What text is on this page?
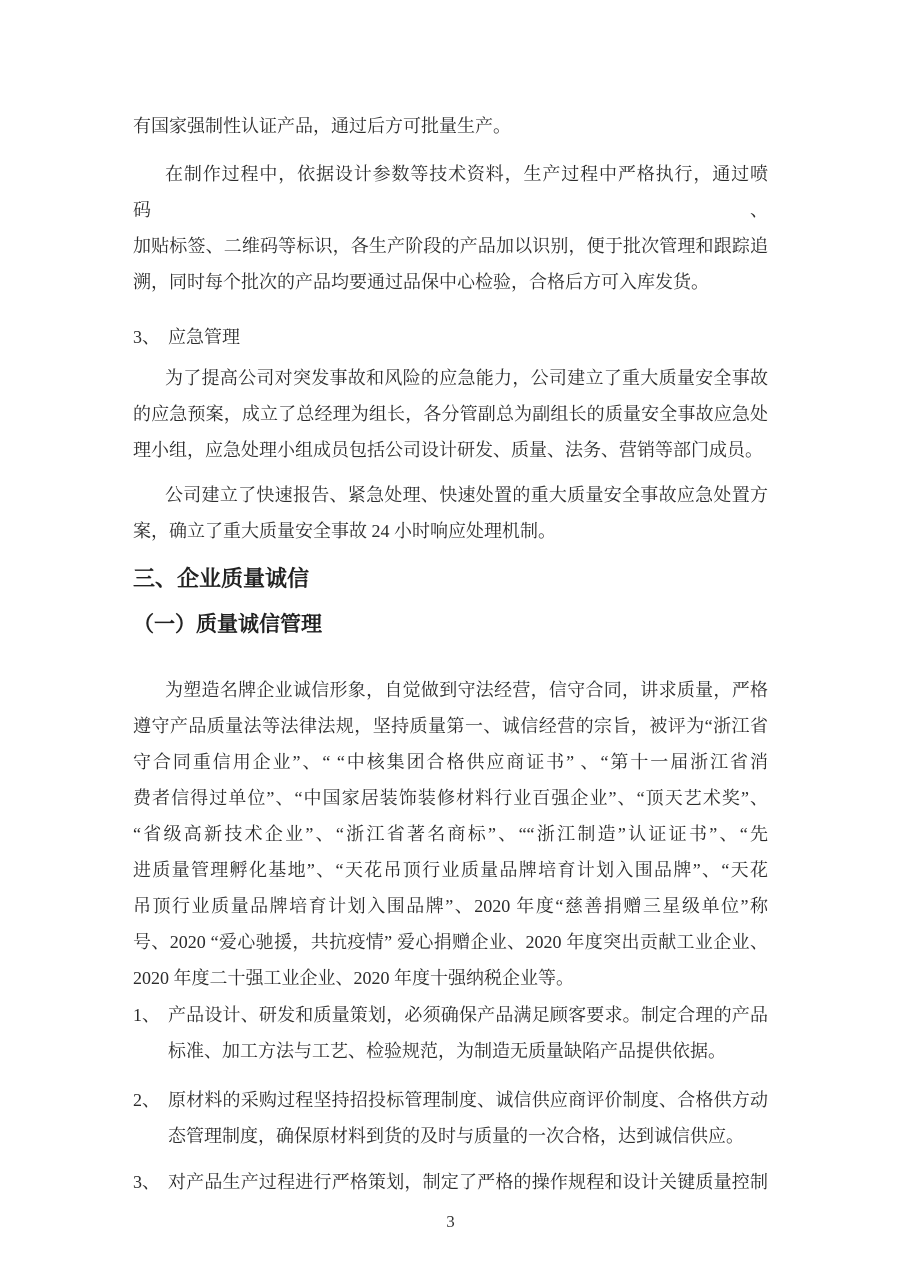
有国家强制性认证产品，通过后方可批量生产。
在制作过程中，依据设计参数等技术资料，生产过程中严格执行，通过喷码、
加贴标签、二维码等标识，各生产阶段的产品加以识别，便于批次管理和跟踪追
溯，同时每个批次的产品均要通过品保中心检验，合格后方可入库发货。
3、 应急管理
为了提高公司对突发事故和风险的应急能力，公司建立了重大质量安全事故
的应急预案，成立了总经理为组长，各分管副总为副组长的质量安全事故应急处
理小组，应急处理小组成员包括公司设计研发、质量、法务、营销等部门成员。
公司建立了快速报告、紧急处理、快速处置的重大质量安全事故应急处置方
案，确立了重大质量安全事故 24 小时响应处理机制。
三、企业质量诚信
（一）质量诚信管理
为塑造名牌企业诚信形象，自觉做到守法经营，信守合同，讲求质量，严格
遵守产品质量法等法律法规，坚持质量第一、诚信经营的宗旨，被评为“浙江省
守合同重信用企业”、“ “中核集团合格供应商证书” 、“第十一届浙江省消
费者信得过单位”、“中国家居装饰装修材料行业百强企业”、“顶天艺术奖”、
“省级高新技术企业”、“浙江省著名商标”、““浙江制造”认证证书”、“先
进质量管理孵化基地”、“天花吊顶行业质量品牌培育计划入围品牌”、“天花
吊顶行业质量品牌培育计划入围品牌”、2020 年度“慈善捐赠三星级单位”称
号、2020 “爱心驰援，共抗疫情” 爱心捐赠企业、2020 年度突出贡献工业企业、
2020 年度二十强工业企业、2020 年度十强纳税企业等。
1、 产品设计、研发和质量策划，必须确保产品满足顾客要求。制定合理的产品
标准、加工方法与工艺、检验规范，为制造无质量缺陷产品提供依据。
2、 原材料的采购过程坚持招投标管理制度、诚信供应商评价制度、合格供方动
态管理制度，确保原材料到货的及时与质量的一次合格，达到诚信供应。
3、 对产品生产过程进行严格策划，制定了严格的操作规程和设计关键质量控制
3
